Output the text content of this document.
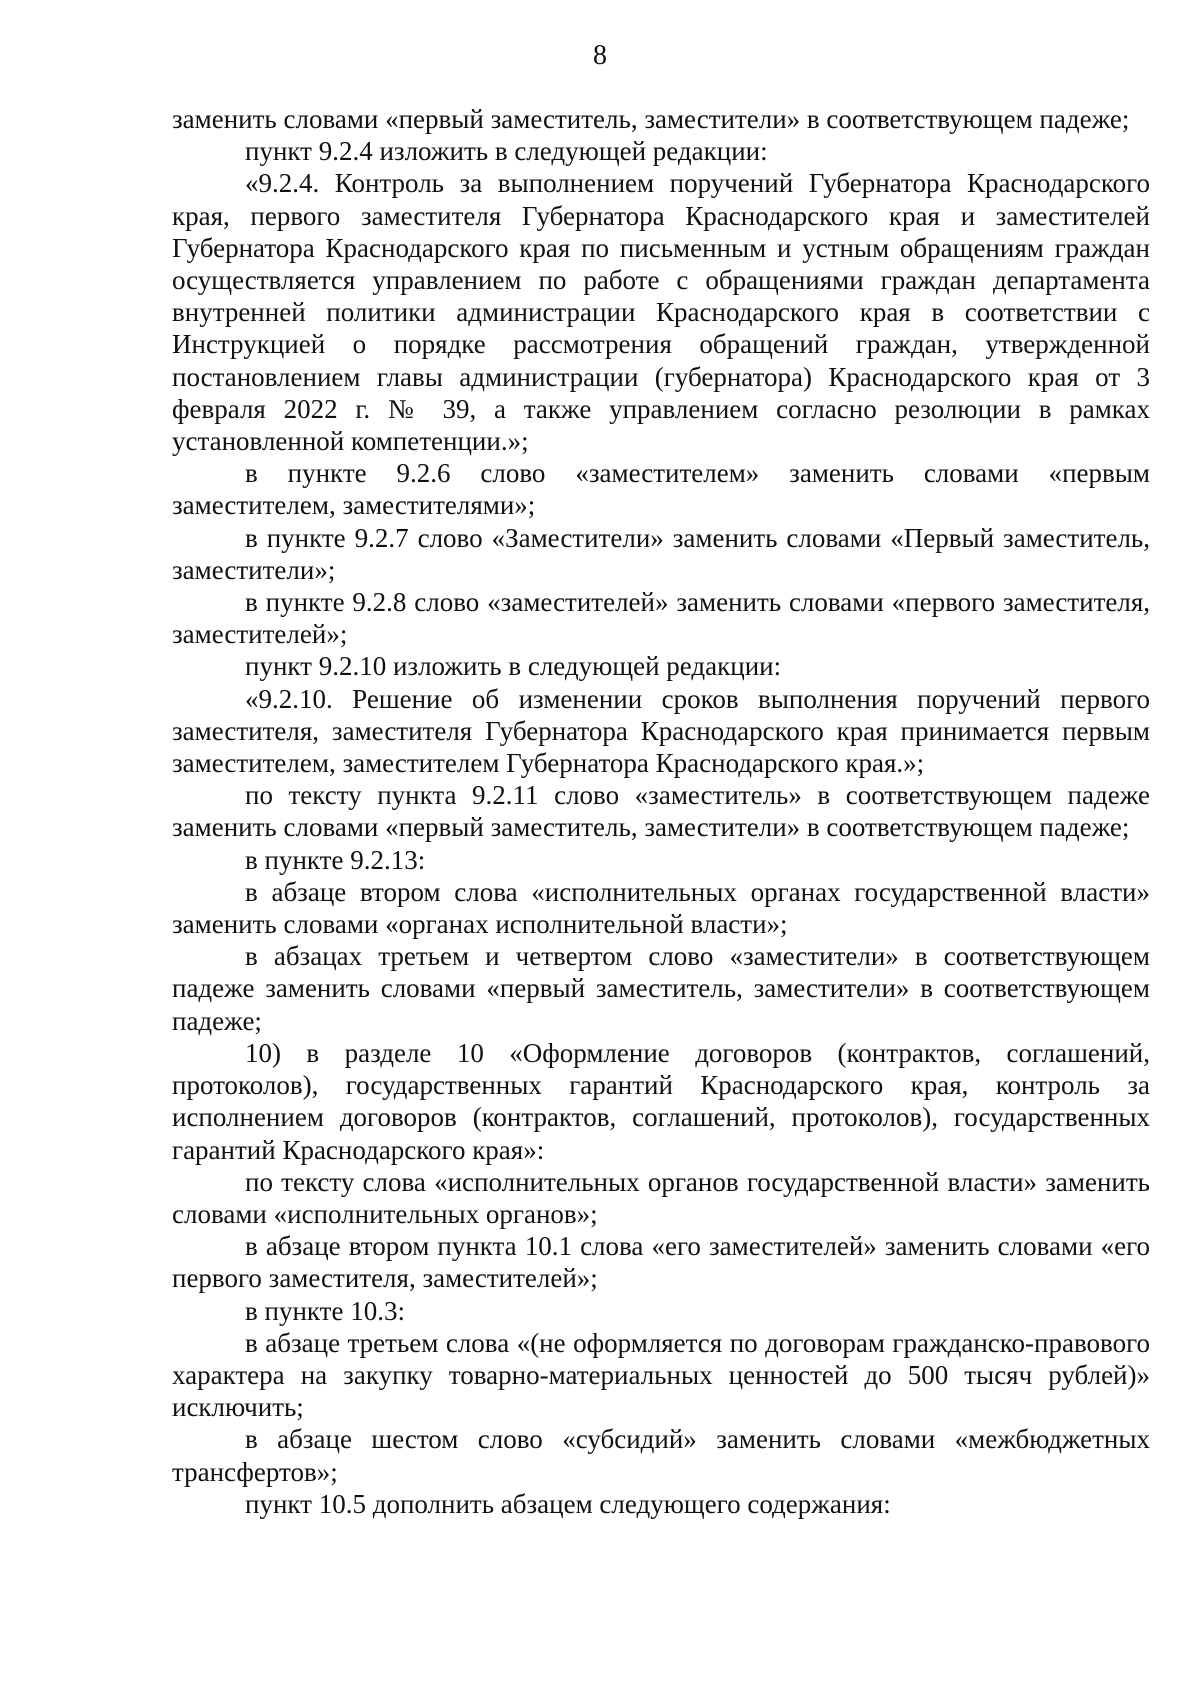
8

заменить словами «первый заместитель, заместители» в соответствующем падеже;

пункт 9.2.4 изложить в следующей редакции:

«9.2.4. Контроль за выполнением поручений Губернатора Краснодарского края, первого заместителя Губернатора Краснодарского края и заместителей Губернатора Краснодарского края по письменным и устным обращениям граждан осуществляется управлением по работе с обращениями граждан департамента внутренней политики администрации Краснодарского края в соответствии с Инструкцией о порядке рассмотрения обращений граждан, утвержденной постановлением главы администрации (губернатора) Краснодарского края от 3 февраля 2022 г. № 39, а также управлением согласно резолюции в рамках установленной компетенции.»;

в пункте 9.2.6 слово «заместителем» заменить словами «первым заместителем, заместителями»;

в пункте 9.2.7 слово «Заместители» заменить словами «Первый заместитель, заместители»;

в пункте 9.2.8 слово «заместителей» заменить словами «первого заместителя, заместителей»;

пункт 9.2.10 изложить в следующей редакции:

«9.2.10. Решение об изменении сроков выполнения поручений первого заместителя, заместителя Губернатора Краснодарского края принимается первым заместителем, заместителем Губернатора Краснодарского края.»;

по тексту пункта 9.2.11 слово «заместитель» в соответствующем падеже заменить словами «первый заместитель, заместители» в соответствующем падеже;

в пункте 9.2.13:

в абзаце втором слова «исполнительных органах государственной власти» заменить словами «органах исполнительной власти»;

в абзацах третьем и четвертом слово «заместители» в соответствующем падеже заменить словами «первый заместитель, заместители» в соответствующем падеже;

10) в разделе 10 «Оформление договоров (контрактов, соглашений, протоколов), государственных гарантий Краснодарского края, контроль за исполнением договоров (контрактов, соглашений, протоколов), государственных гарантий Краснодарского края»:

по тексту слова «исполнительных органов государственной власти» заменить словами «исполнительных органов»;

в абзаце втором пункта 10.1 слова «его заместителей» заменить словами «его первого заместителя, заместителей»;

в пункте 10.3:

в абзаце третьем слова «(не оформляется по договорам гражданско-правового характера на закупку товарно-материальных ценностей до 500 тысяч рублей)» исключить;

в абзаце шестом слово «субсидий» заменить словами «межбюджетных трансфертов»;

пункт 10.5 дополнить абзацем следующего содержания:
